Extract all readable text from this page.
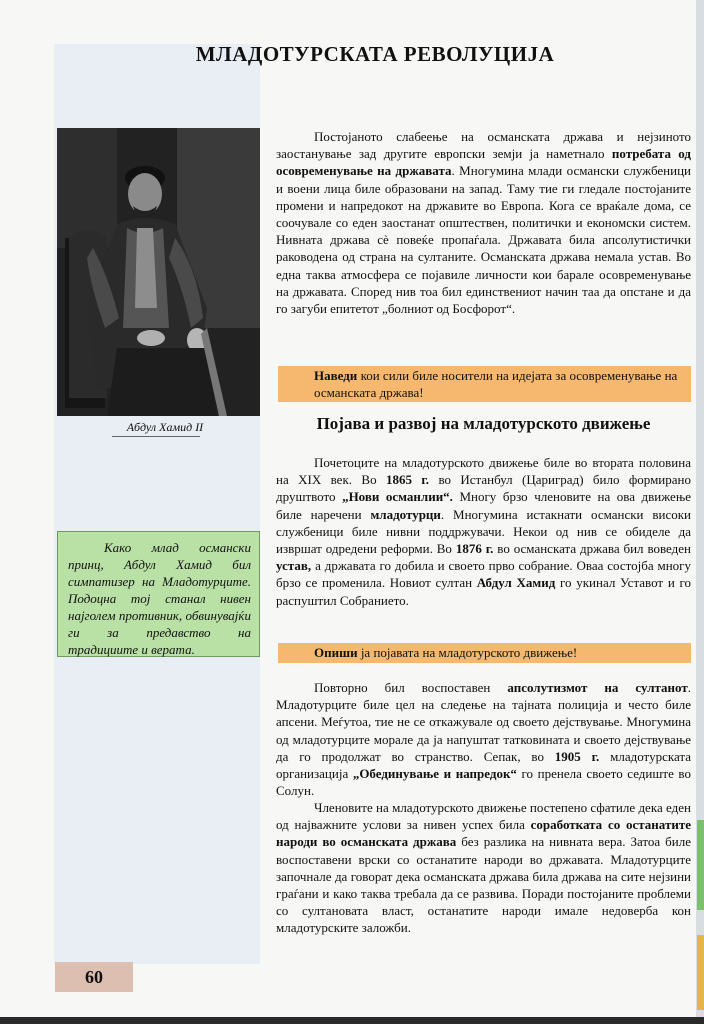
МЛАДОТУРСКАТА РЕВОЛУЦИЈА
Абдул Хамид II

Постојаното слабеење на османската држава и нејзиното заостанување зад другите европски земји ја наметнало потребата од осовременување на државата. Многумина млади османски службеници и воени лица биле образовани на запад. Таму тие ги гледале постојаните промени и напредокот на државите во Европа. Кога се враќале дома, се соочувале со еден заостанат општествен, политички и економски систем. Нивната држава сè повеќе пропаѓала. Државата била апсолутистички раководена од страна на султаните. Османската држава немала устав. Во една таква атмосфера се појавиле личности кои барале осовременување на државата. Според нив тоа бил единствениот начин таа да опстане и да го загуби епитетот „болниот од Босфорот“.

Наведи кои сили биле носители на идејата за осовременување на османската држава!
Појава и развој на младотурското движење

Почетоците на младотурското движење биле во втората половина на XIX век. Во 1865 г. во Истанбул (Цариград) било формирано друштвото „Нови османлии“. Многу брзо членовите на ова движење биле наречени младотурци. Многумина истакнати османски високи службеници биле нивни поддржувачи. Некои од нив се обиделе да извршат одредени реформи. Во 1876 г. во османската држава бил воведен устав, а државата го добила и своето прво собрание. Оваа состојба многу брзо се променила. Новиот султан Абдул Хамид го укинал Уставот и го распуштил Собранието.

Опиши ја појавата на младотурското движење!

Повторно бил воспоставен апсолутизмот на султанот. Младотурците биле цел на следење на тајната полиција и често биле апсени. Меѓутоа, тие не се откажувале од своето дејствување. Многумина од младотурците морале да ја напуштат татковината и своето дејствување да го продолжат во странство. Сепак, во 1905 г. младотурската организација „Обединување и напредок“ го пренела своето седиште во Солун.

Членовите на младотурското движење постепено сфатиле дека еден од најважните услови за нивен успех била соработката со останатите народи во османската држава без разлика на нивната вера. Затоа биле воспоставени врски со останатите народи во државата. Младотурците започнале да говорат дека османската држава била држава на сите нејзини граѓани и како таква требала да се развива. Поради постојаните проблеми со султановата власт, останатите народи имале недоверба кон младотурските заложби.

Како млад османски принц, Абдул Хамид бил симпатизер на Младотурците. Подоцна тој станал нивен најголем противник, обвинувајќи ги за предавство на традициите и верата.
60
